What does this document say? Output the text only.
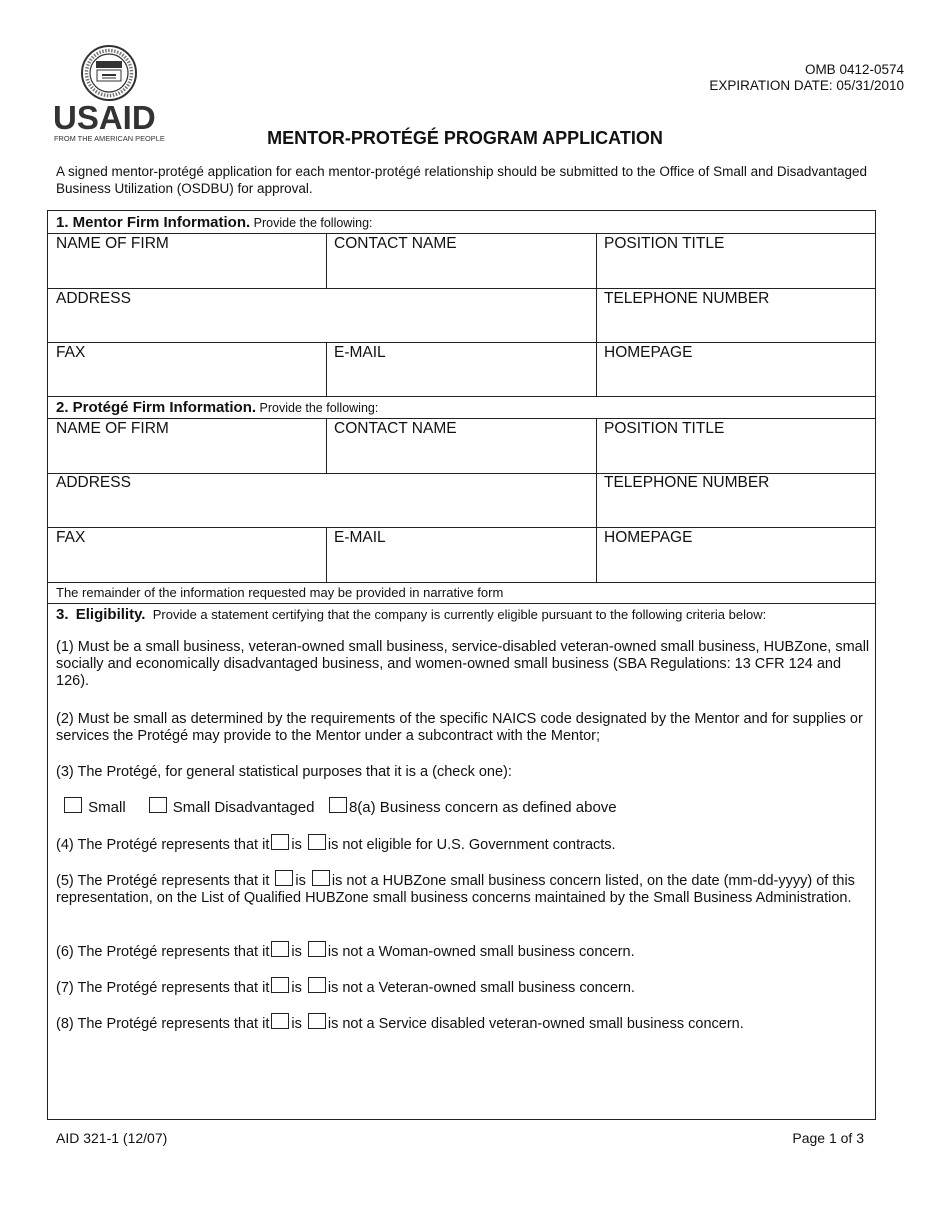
USAID
FROM THE AMERICAN PEOPLE
OMB 0412-0574
EXPIRATION DATE: 05/31/2010
MENTOR-PROTÉGÉ PROGRAM APPLICATION
A signed mentor-protégé application for each mentor-protégé relationship should be submitted to the Office of Small and Disadvantaged Business Utilization (OSDBU) for approval.
1. Mentor Firm Information. Provide the following:
NAME OF FIRM	CONTACT NAME	POSITION TITLE
ADDRESS	TELEPHONE NUMBER
FAX	E-MAIL	HOMEPAGE
2. Protégé Firm Information. Provide the following:
NAME OF FIRM	CONTACT NAME	POSITION TITLE
ADDRESS	TELEPHONE NUMBER
FAX	E-MAIL	HOMEPAGE
The remainder of the information requested may be provided in narrative form
3. Eligibility. Provide a statement certifying that the company is currently eligible pursuant to the following criteria below:
(1) Must be a small business, veteran-owned small business, service-disabled veteran-owned small business, HUBZone, small socially and economically disadvantaged business, and women-owned small business (SBA Regulations: 13 CFR 124 and 126).
(2) Must be small as determined by the requirements of the specific NAICS code designated by the Mentor and for supplies or services the Protégé may provide to the Mentor under a subcontract with the Mentor;
(3) The Protégé, for general statistical purposes that it is a (check one):
Small	Small Disadvantaged 8(a) Business concern as defined above
(4) The Protégé represents that it is is not eligible for U.S. Government contracts.
(5) The Protégé represents that it is is not a HUBZone small business concern listed, on the date (mm-dd-yyyy) of this representation, on the List of Qualified HUBZone small business concerns maintained by the Small Business Administration.
(6) The Protégé represents that it is is not a Woman-owned small business concern.
(7) The Protégé represents that it is is not a Veteran-owned small business concern.
(8) The Protégé represents that it is is not a Service disabled veteran-owned small business concern.
AID 321-1 (12/07)	Page 1 of 3
